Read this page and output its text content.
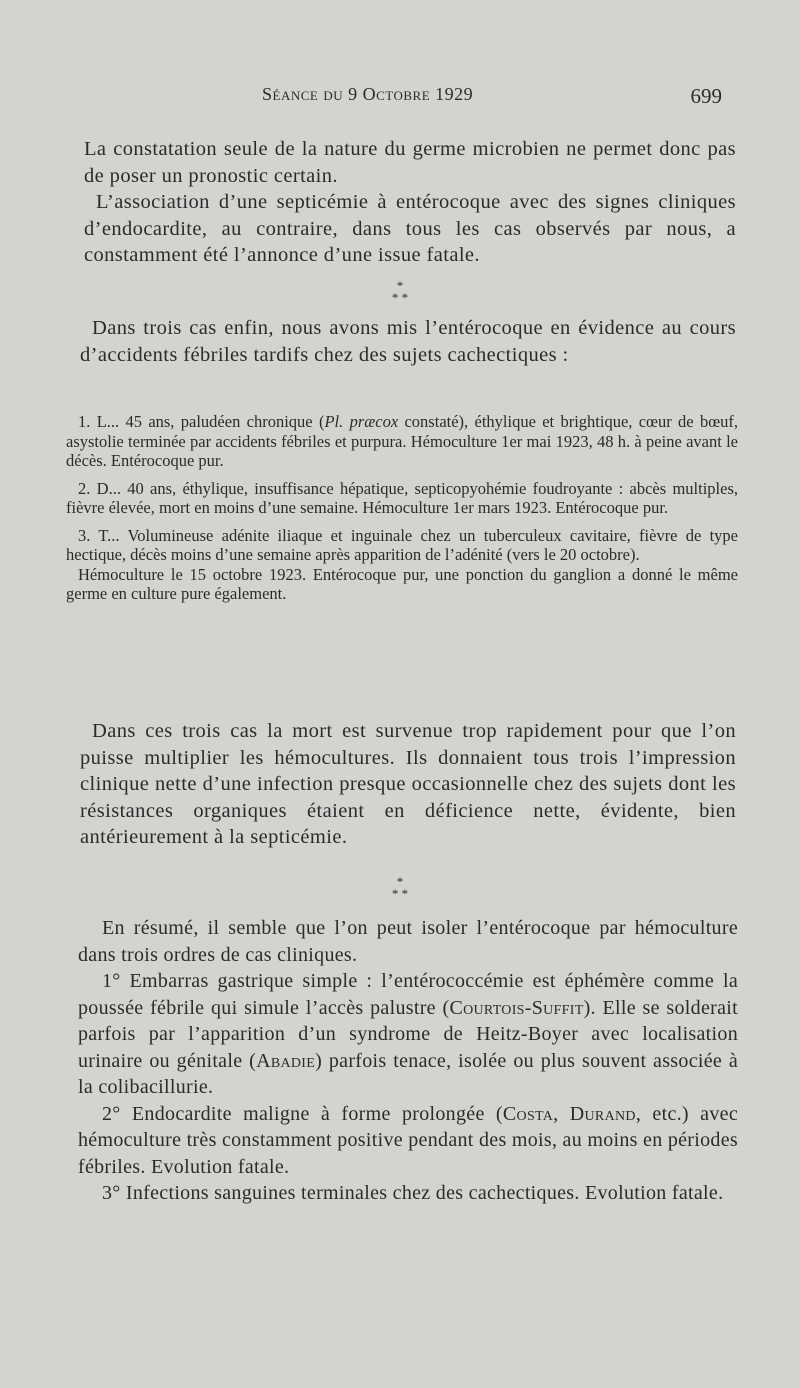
Séance du 9 Octobre 1929	699

La constatation seule de la nature du germe microbien ne permet donc pas de poser un pronostic certain.

L’association d’une septicémie à entérocoque avec des signes cliniques d’endocardite, au contraire, dans tous les cas observés par nous, a constamment été l’annonce d’une issue fatale.

*
* *

Dans trois cas enfin, nous avons mis l’entérocoque en évidence au cours d’accidents fébriles tardifs chez des sujets cachectiques :

1. L... 45 ans, paludéen chronique (Pl. præcox constaté), éthylique et brightique, cœur de bœuf, asystolie terminée par accidents fébriles et purpura. Hémoculture 1er mai 1923, 48 h. à peine avant le décès. Entérocoque pur.

2. D... 40 ans, éthylique, insuffisance hépatique, septicopyohémie foudroyante : abcès multiples, fièvre élevée, mort en moins d’une semaine. Hémoculture 1er mars 1923. Entérocoque pur.

3. T... Volumineuse adénite iliaque et inguinale chez un tuberculeux cavitaire, fièvre de type hectique, décès moins d’une semaine après apparition de l’adénité (vers le 20 octobre).

Hémoculture le 15 octobre 1923. Entérocoque pur, une ponction du ganglion a donné le même germe en culture pure également.

Dans ces trois cas la mort est survenue trop rapidement pour que l’on puisse multiplier les hémocultures. Ils donnaient tous trois l’impression clinique nette d’une infection presque occasionnelle chez des sujets dont les résistances organiques étaient en déficience nette, évidente, bien antérieurement à la septicémie.

*
* *

En résumé, il semble que l’on peut isoler l’entérocoque par hémoculture dans trois ordres de cas cliniques.

1° Embarras gastrique simple : l’entérococcémie est éphémère comme la poussée fébrile qui simule l’accès palustre (Courtois-Suffit). Elle se solderait parfois par l’apparition d’un syndrome de Heitz-Boyer avec localisation urinaire ou génitale (Abadie) parfois tenace, isolée ou plus souvent associée à la colibacillurie.

2° Endocardite maligne à forme prolongée (Costa, Durand, etc.) avec hémoculture très constamment positive pendant des mois, au moins en périodes fébriles. Evolution fatale.

3° Infections sanguines terminales chez des cachectiques. Evolution fatale.
